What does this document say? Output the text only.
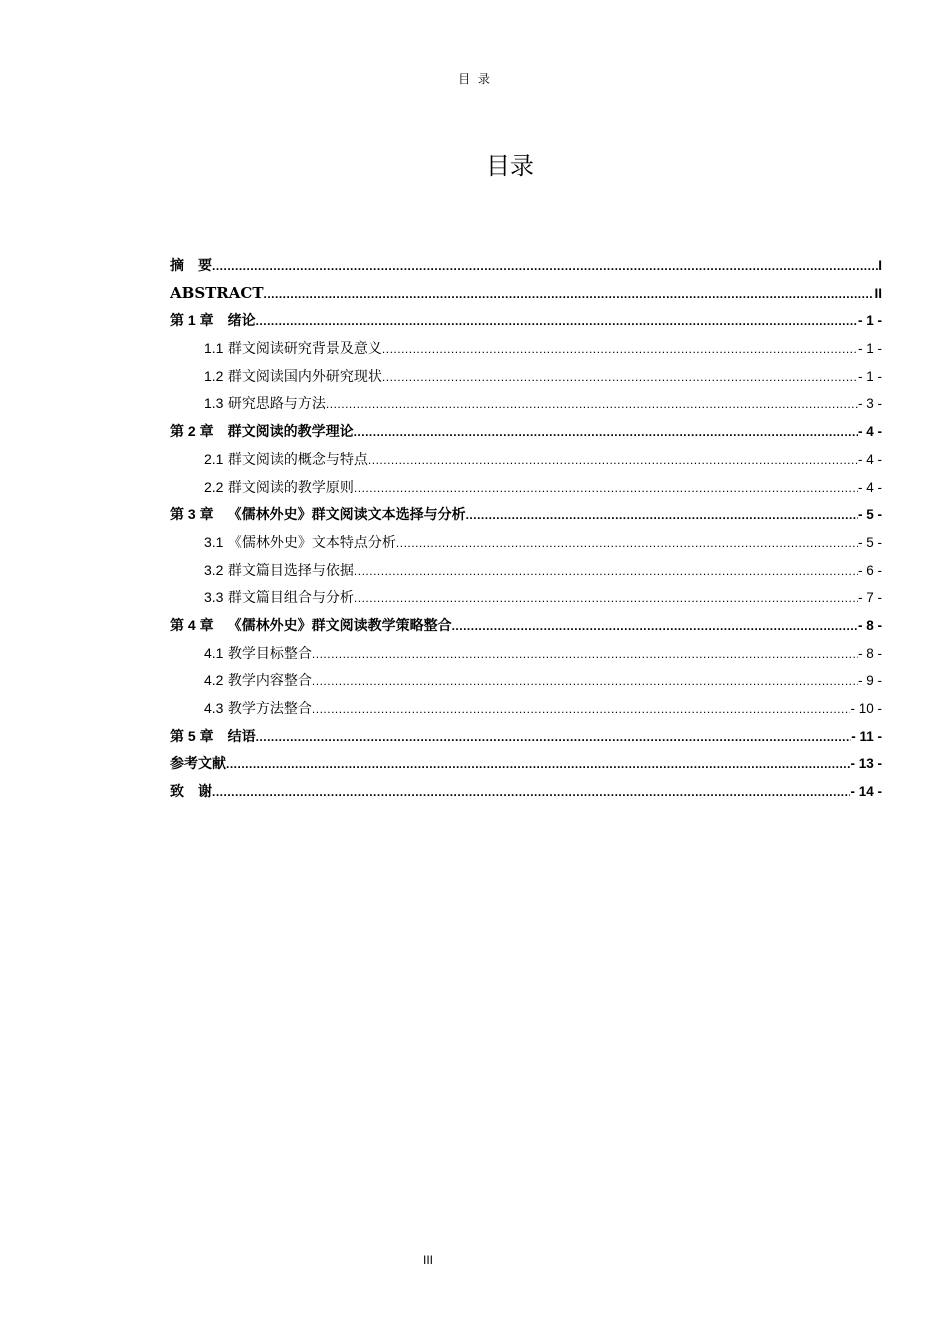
目 录
目录
摘　要 .....	I
ABSTRACT .....	II
第 1 章  绪论 .....	- 1 -
1.1 群文阅读研究背景及意义 .....	- 1 -
1.2 群文阅读国内外研究现状 .....	- 1 -
1.3 研究思路与方法 .....	- 3 -
第 2 章  群文阅读的教学理论 .....	- 4 -
2.1 群文阅读的概念与特点 .....	- 4 -
2.2 群文阅读的教学原则 .....	- 4 -
第 3 章  《儒林外史》群文阅读文本选择与分析 .....	- 5 -
3.1 《儒林外史》文本特点分析 .....	- 5 -
3.2 群文篇目选择与依据 .....	- 6 -
3.3 群文篇目组合与分析 .....	- 7 -
第 4 章  《儒林外史》群文阅读教学策略整合 .....	- 8 -
4.1 教学目标整合 .....	- 8 -
4.2 教学内容整合 .....	- 9 -
4.3 教学方法整合 .....	- 10 -
第 5 章  结语 .....	- 11 -
参考文献 .....	- 13 -
致　谢 .....	- 14 -
III
